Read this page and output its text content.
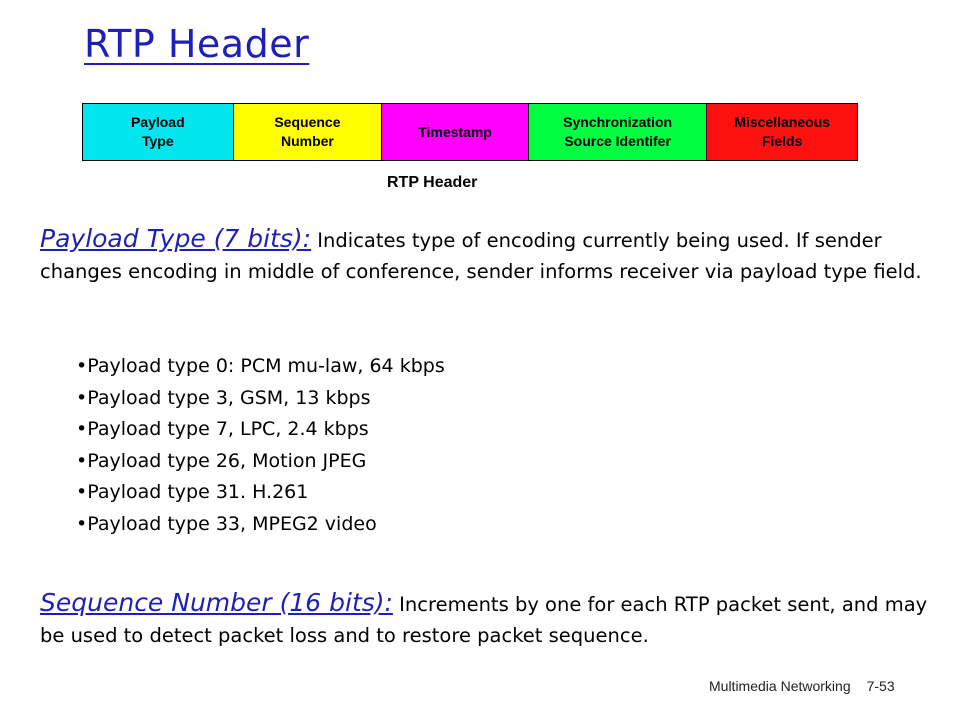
RTP Header
Payload
Type
Sequence
Number
Timestamp
Synchronization
Source Identifer
Miscellaneous
Fields
RTP Header
Payload Type (7 bits): Indicates type of encoding currently being used. If sender changes encoding in middle of conference, sender informs receiver via payload type field.
• Payload type 0: PCM mu-law, 64 kbps
• Payload type 3, GSM, 13 kbps
• Payload type 7, LPC, 2.4 kbps
• Payload type 26, Motion JPEG
• Payload type 31. H.261
• Payload type 33, MPEG2 video
Sequence Number (16 bits): Increments by one for each RTP packet sent, and may be used to detect packet loss and to restore packet sequence.
Multimedia Networking 7-53
